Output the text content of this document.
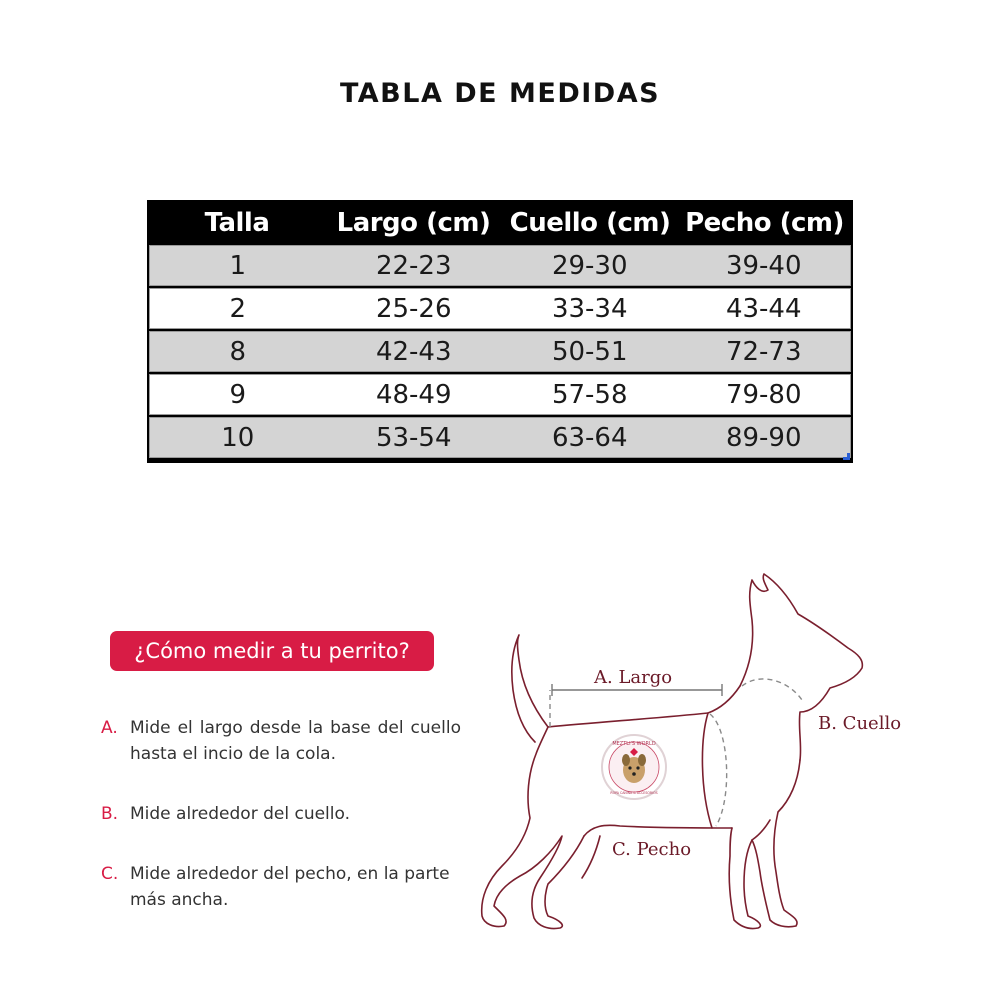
TABLA DE MEDIDAS
Talla	Largo (cm) Cuello (cm) Pecho (cm)
1	22-23	29-30	39-40
2	25-26	33-34	43-44
8	42-43	50-51	72-73
9	48-49	57-58	79-80
10	53-54	63-64	89-90
¿Cómo medir a tu perrito?
A. Mide el largo desde la base del cuello hasta el incio de la cola.
B. Mide alrededor del cuello.
C. Mide alrededor del pecho, en la parte más ancha.
A. Largo
B. Cuello
C. Pecho
MEZTLI'S WORLD
ROPA CANINA & ACCESORIOS
